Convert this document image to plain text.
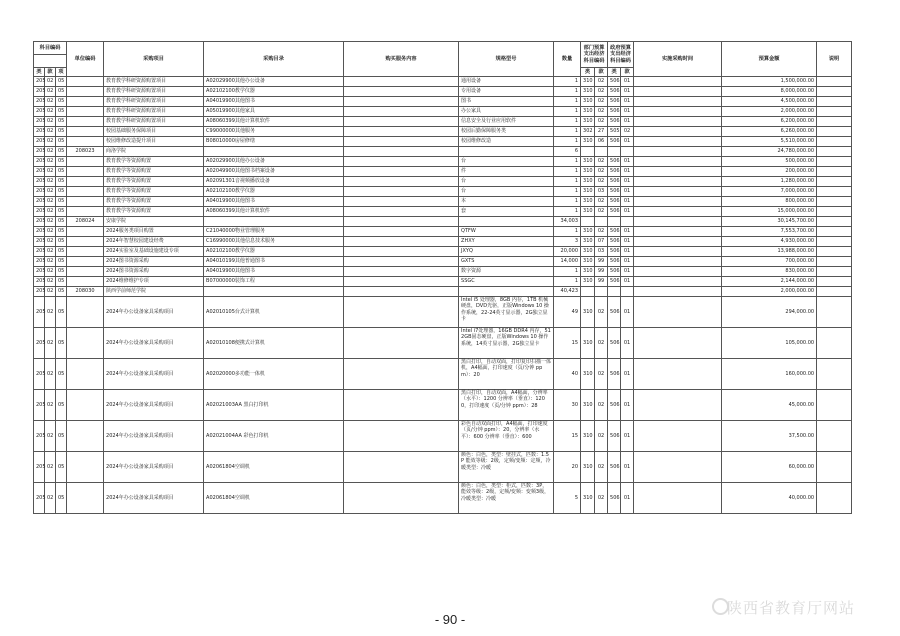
科目编码			单位编码	采购项目	采购目录	购买服务内容	规格型号	数量	部门预算支出经济科目编码		政府预算支出经济科目编码		实施采购时间	预算金额	说明

类	款	项							类	款	类	款			
205	02	05		教育教学科研资源购置项目	A02029900其他办公设备		通用设备	1	310	02	506	01		1,500,000.00	
205	02	05		教育教学科研资源购置项目	A02102100教学仪器		专用设备	1	310	02	506	01		8,000,000.00	
205	02	05		教育教学科研资源购置项目	A04019900其他图书		图书	1	310	02	506	01		4,500,000.00	
205	02	05		教育教学科研资源购置项目	A05019900其他家具		办公家具	1	310	02	506	01		2,000,000.00	
205	02	05		教育教学科研资源购置项目	A08060399其他计算机软件		信息安全及行业应用软件	1	310	02	506	01		6,200,000.00	
205	02	05		校园基础服务保障项目	C99000000其他服务		校园后勤保障服务类	1	302	27	505	02		6,260,000.00	
205	02	05		校园维修改造提升项目	B08010000房屋修缮		校园维修改造	1	310	06	506	01		5,510,000.00	
205	02	05	208023	商洛学院				6						24,780,000.00	
205	02	05		教育教学等资源购置	A02029900其他办公设备		台	1	310	02	506	01		500,000.00	
205	02	05		教育教学等资源购置	A02049900其他图书档案设备		件	1	310	02	506	01		200,000.00	
205	02	05		教育教学等资源购置	A02091301音视频播放设备		台	1	310	02	506	01		1,280,000.00	
205	02	05		教育教学等资源购置	A02102100教学仪器		台	1	310	03	506	01		7,000,000.00	
205	02	05		教育教学等资源购置	A04019900其他图书		本	1	310	02	506	01		800,000.00	
205	02	05		教育教学等资源购置	A08060399其他计算机软件		套	1	310	02	506	01		15,000,000.00	
205	02	05	208024	安康学院				34,003						30,145,700.00	
205	02	05		2024服务类项目购置	C21040000物业管理服务		QTFW	1	310	02	506	01		7,553,700.00	
205	02	05		2024年智慧校园建设经费	C16990000其他信息技术服务		ZHXY	3	310	07	506	01		4,930,000.00	
205	02	05		2024实验室及基础设施建设专项	A02102100教学仪器		JXYQ	20,000	310	03	506	01		13,988,000.00	
205	02	05		2024图书资源采购	A04010199其他普通图书		GXTS	14,000	310	99	506	01		700,000.00	
205	02	05		2024图书资源采购	A04019900其他图书		数字资源	1	310	99	506	01		830,000.00	
205	02	05		2024维修维护专项	B07000000装饰工程		SSGC	1	310	99	506	01		2,144,000.00	
205	02	05	208030	陕西学前师范学院				40,423						2,000,000.00	
205	02	05		2024年办公设备家具采购项目	A02010105台式计算机		Intel i5 处理器，8GB 内存，1TB 机械硬盘，DVD光驱，正版Windows 10 操作系统，22-24英寸显示器，2G独立显卡	49	310	02	506	01		294,000.00	
205	02	05		2024年办公设备家具采购项目	A02010108便携式计算机		Intel i7处理器，16GB DDR4 内存，512GB固态硬盘，正版Windows 10 操作系统，14英寸显示器，2G独立显卡	15	310	02	506	01		105,000.00	
205	02	05		2024年办公设备家具采购项目	A02020000多功能一体机		黑白打印，自动双面，打印复印扫描一体机，A4幅面，打印速度（页/分钟 ppm）：20	40	310	02	506	01		160,000.00	
205	02	05		2024年办公设备家具采购项目	A02021003AA 黑白打印机		黑白打印，自动双面，A4幅面，分辨率（水平）：1200 分辨率（垂直）：1200，打印速度（页/分钟 ppm）：28	30	310	02	506	01		45,000.00	
205	02	05		2024年办公设备家具采购项目	A02021004AA 彩色打印机		彩色自动双面打印，A4幅面，打印速度（页/分钟 ppm）：20，分辨率（水平）：600 分辨率（垂直）：600	15	310	02	506	01		37,500.00	
205	02	05		2024年办公设备家具采购项目	A02061804空调机		颜色：白色，类型：壁挂式，匹数：1.5P 能效等级：2级，定频/变频：定频，冷暖类型：冷暖	20	310	02	506	01		60,000.00	
205	02	05		2024年办公设备家具采购项目	A02061804空调机		颜色：白色，类型：柜式，匹数：3P，能效等级：2级，定频/变频：变频3级，冷暖类型：冷暖	5	310	02	506	01		40,000.00	
- 90 -
陕西省教育厅网站
